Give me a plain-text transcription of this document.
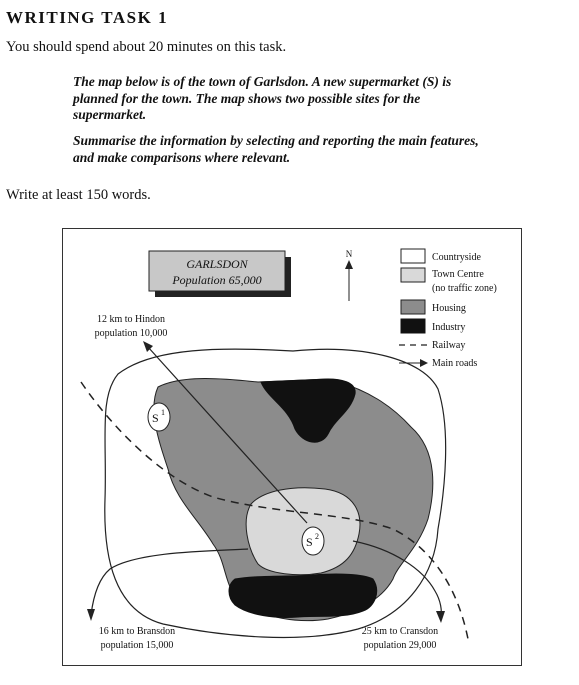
WRITING TASK 1
You should spend about 20 minutes on this task.
The map below is of the town of Garlsdon. A new supermarket (S) is
planned for the town. The map shows two possible sites for the
supermarket.
Summarise the information by selecting and reporting the main features,
and make comparisons where relevant.
Write at least 150 words.
S 1
S 2
GARLSDON
Population 65,000
N	Countryside
Town Centre
(no traffic zone)
Housing
Industry
Railway
Main roads
12 km to Hindon
population 10,000
16 km to Bransdon
population 15,000
25 km to Cransdon
population 29,000
